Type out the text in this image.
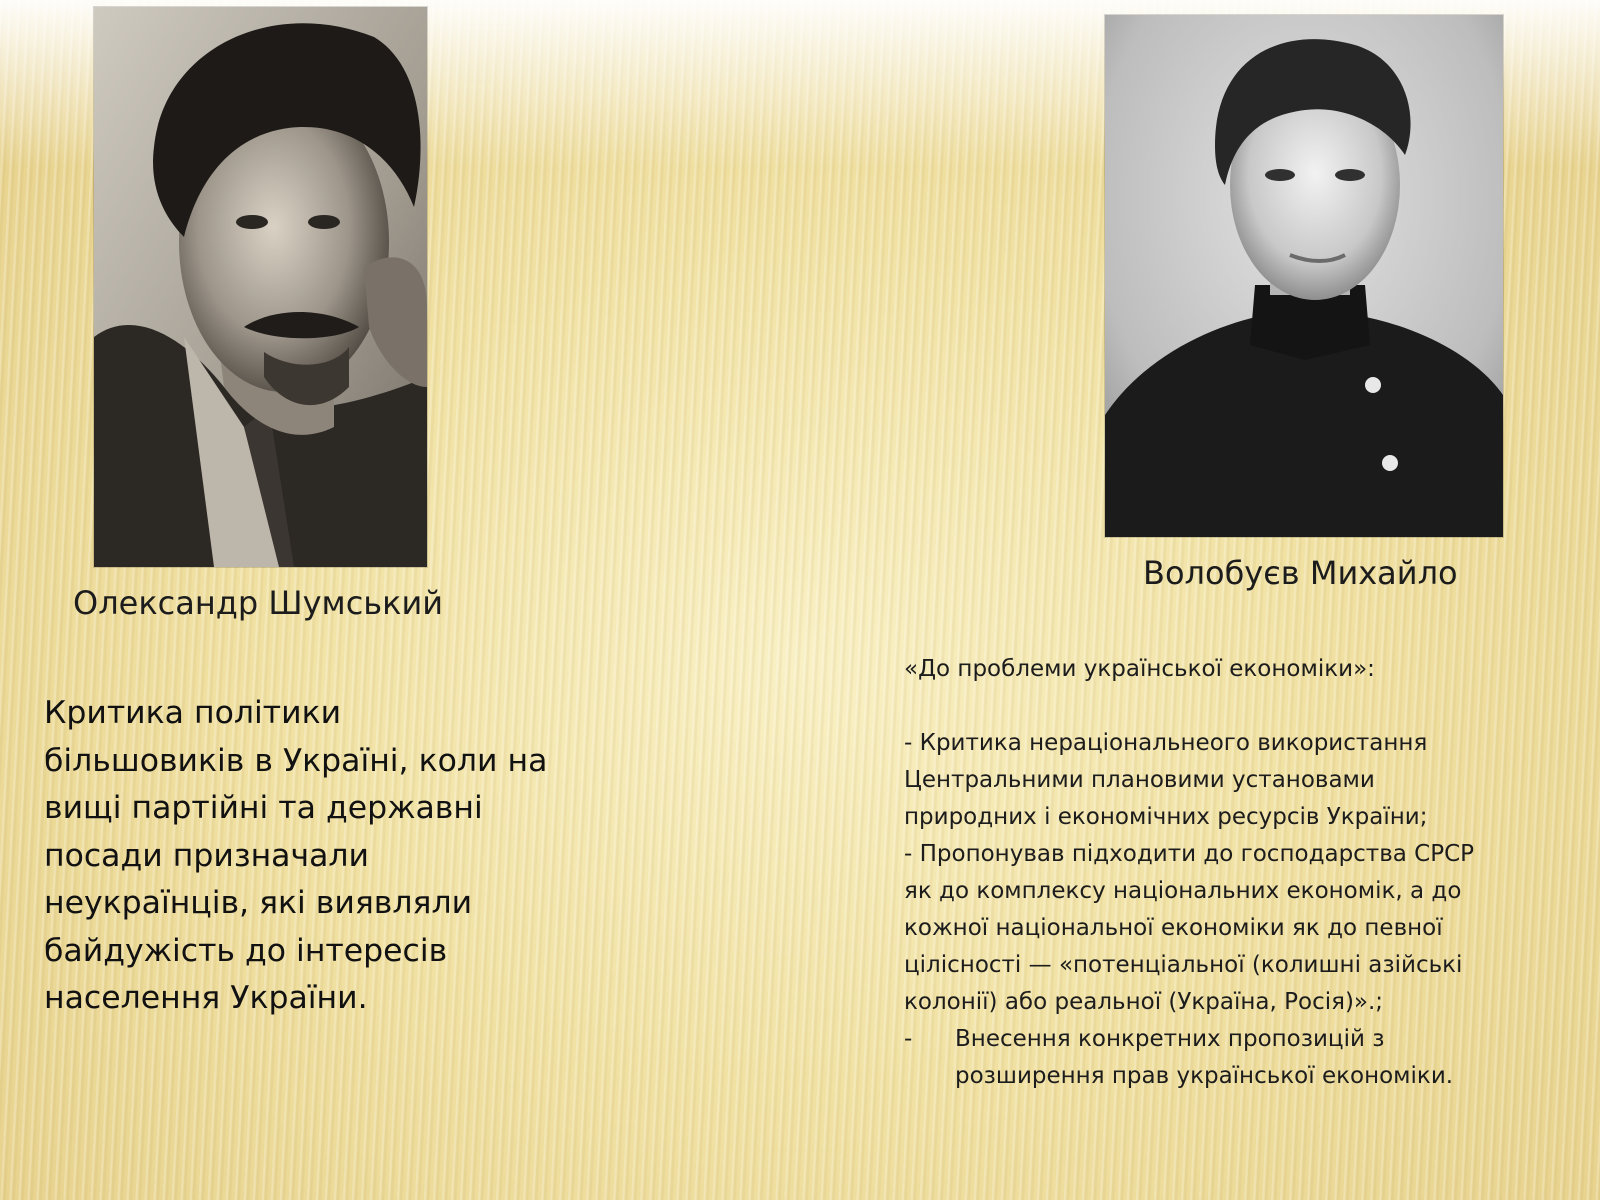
Олександр Шумський
Волобуєв Михайло
Критика політики
більшовиків в Україні, коли на
вищі партійні та державні
посади призначали
неукраїнців, які виявляли
байдужість до інтересів
населення України.
«До проблеми української економіки»:
- Критика нераціональнеого використання
Центральними плановими установами
природних і економічних ресурсів України;
- Пропонував підходити до господарства СРСР
як до комплексу національних економік, а до
кожної національної економіки як до певної
цілісності — «потенціальної (колишні азійські
колонії) або реальної (Україна, Росія)».;
-	Внесення конкретних пропозицій з
розширення прав української економіки.
